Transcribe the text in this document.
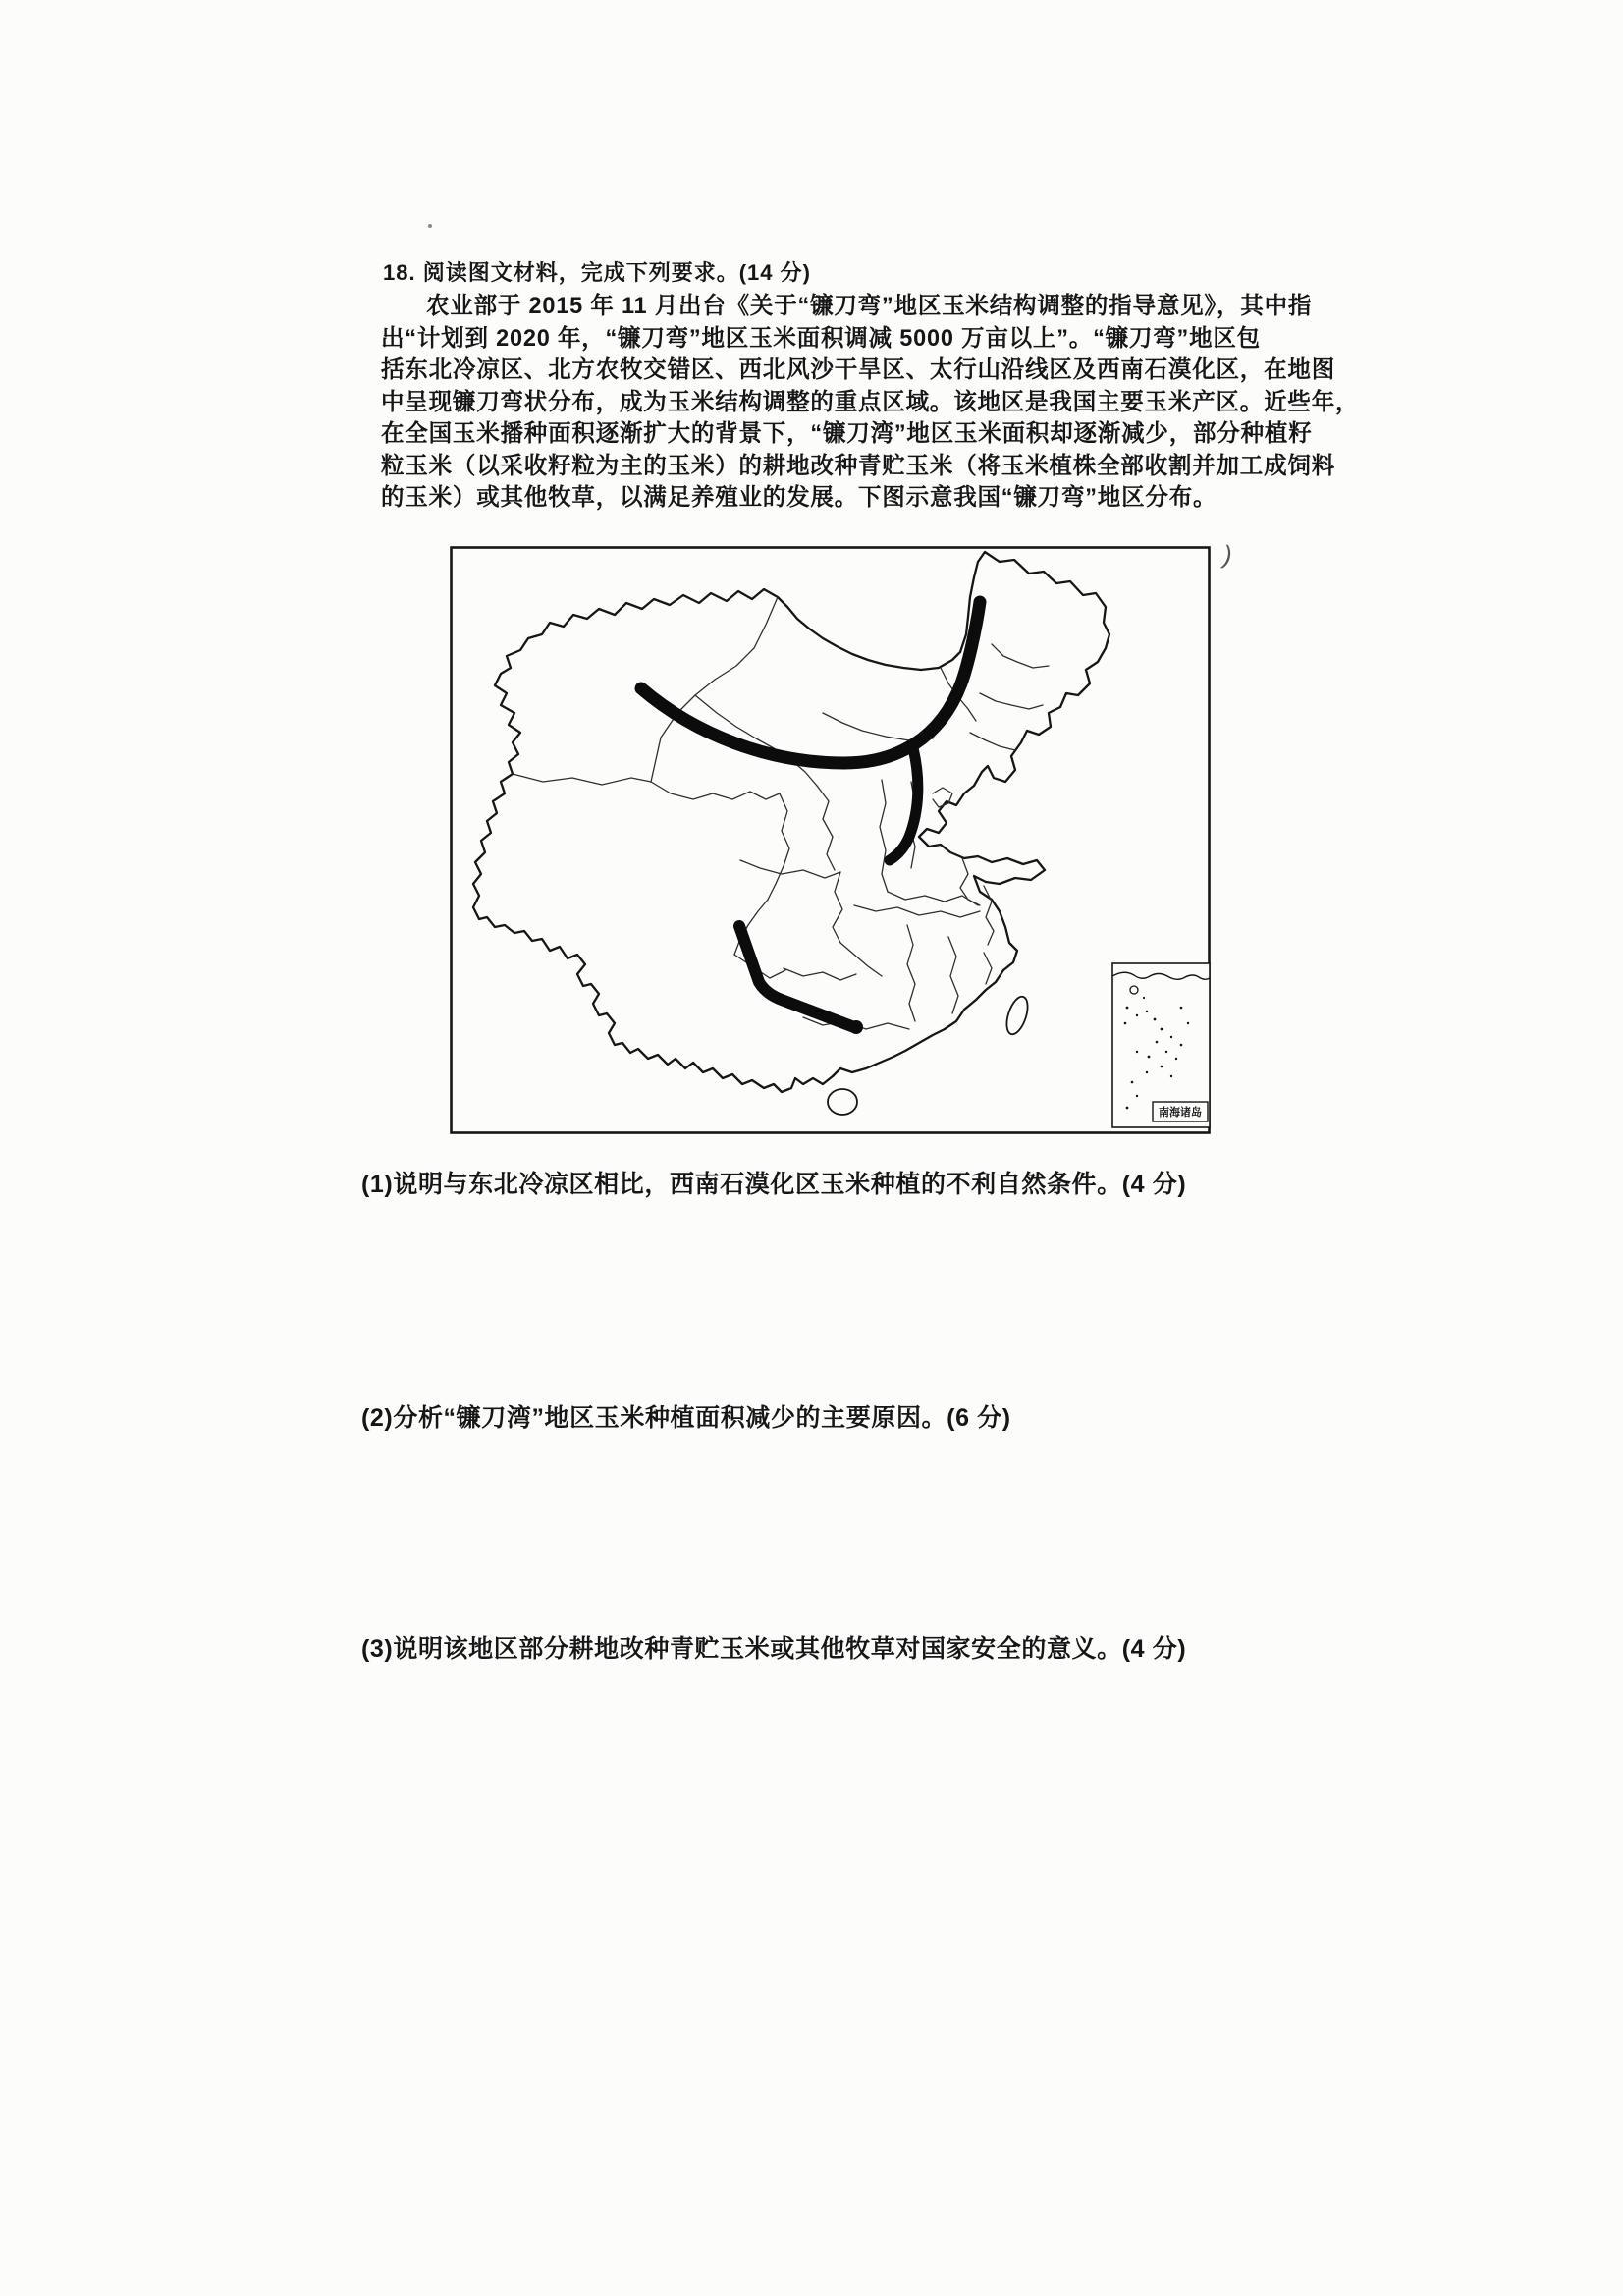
18. 阅读图文材料，完成下列要求。(14 分)
农业部于 2015 年 11 月出台《关于“镰刀弯”地区玉米结构调整的指导意见》，其中指
出“计划到 2020 年，“镰刀弯”地区玉米面积调减 5000 万亩以上”。“镰刀弯”地区包
括东北冷凉区、北方农牧交错区、西北风沙干旱区、太行山沿线区及西南石漠化区，在地图
中呈现镰刀弯状分布，成为玉米结构调整的重点区域。该地区是我国主要玉米产区。近些年，
在全国玉米播种面积逐渐扩大的背景下，“镰刀湾”地区玉米面积却逐渐减少，部分种植籽
粒玉米（以采收籽粒为主的玉米）的耕地改种青贮玉米（将玉米植株全部收割并加工成饲料
的玉米）或其他牧草，以满足养殖业的发展。下图示意我国“镰刀弯”地区分布。
南海诸岛
)
(1)说明与东北冷凉区相比，西南石漠化区玉米种植的不利自然条件。(4 分)
(2)分析“镰刀湾”地区玉米种植面积减少的主要原因。(6 分)
(3)说明该地区部分耕地改种青贮玉米或其他牧草对国家安全的意义。(4 分)
